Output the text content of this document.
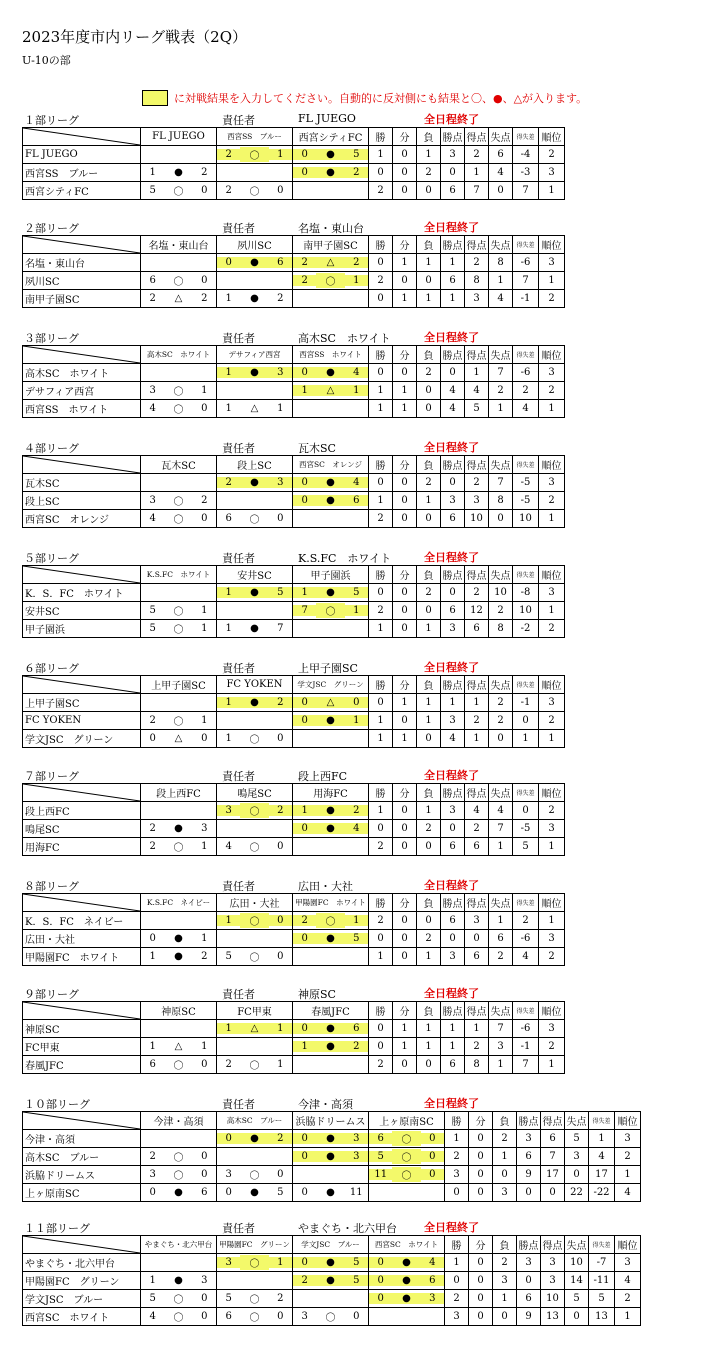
2023年度市内リーグ戦表（2Q）
U-10の部
に対戦結果を入力してください。自動的に反対側にも結果と〇、●、△が入ります。
１部リーグ	責任者	FL JUEGO	全日程終了
	FL JUEGO	西宮SS　ブルー	西宮シティFC	勝	分	負	勝点	得点	失点	得失差	順位
FL JUEGO		2 〇 1	0 ● 5	1	0	1	3	2	6	-4	2
西宮SS　ブルー	1 ● 2		0 ● 2	0	0	2	0	1	4	-3	3
西宮シティFC	5 〇 0	2 〇 0		2	0	0	6	7	0	7	1
２部リーグ	責任者	名塩・東山台	全日程終了
	名塩・東山台	夙川SC	南甲子園SC	勝	分	負	勝点	得点	失点	得失差	順位
名塩・東山台		0 ● 6	2 △ 2	0	1	1	1	2	8	-6	3
夙川SC	6 〇 0		2 〇 1	2	0	0	6	8	1	7	1
南甲子園SC	2 △ 2	1 ● 2		0	1	1	1	3	4	-1	2
３部リーグ	責任者	高木SC　ホワイト	全日程終了
	高木SC　ホワイト	デサフィア西宮	西宮SS　ホワイト	勝	分	負	勝点	得点	失点	得失差	順位
高木SC　ホワイト		1 ● 3	0 ● 4	0	0	2	0	1	7	-6	3
デサフィア西宮	3 〇 1		1 △ 1	1	1	0	4	4	2	2	2
西宮SS　ホワイト	4 〇 0	1 △ 1		1	1	0	4	5	1	4	1
４部リーグ	責任者	瓦木SC	全日程終了
	瓦木SC	段上SC	西宮SC　オレンジ	勝	分	負	勝点	得点	失点	得失差	順位
瓦木SC		2 ● 3	0 ● 4	0	0	2	0	2	7	-5	3
段上SC	3 〇 2		0 ● 6	1	0	1	3	3	8	-5	2
西宮SC　オレンジ	4 〇 0	6 〇 0		2	0	0	6	10	0	10	1
５部リーグ	責任者	K.S.FC　ホワイト	全日程終了
	K.S.FC　ホワイト	安井SC	甲子園浜	勝	分	負	勝点	得点	失点	得失差	順位
K．S．FC　ホワイト		1 ● 5	1 ● 5	0	0	2	0	2	10	-8	3
安井SC	5 〇 1		7 〇 1	2	0	0	6	12	2	10	1
甲子園浜	5 〇 1	1 ● 7		1	0	1	3	6	8	-2	2
６部リーグ	責任者	上甲子園SC	全日程終了
	上甲子園SC	FC YOKEN	学文JSC　グリーン	勝	分	負	勝点	得点	失点	得失差	順位
上甲子園SC		1 ● 2	0 △ 0	0	1	1	1	1	2	-1	3
FC YOKEN	2 〇 1		0 ● 1	1	0	1	3	2	2	0	2
学文JSC　グリーン	0 △ 0	1 〇 0		1	1	0	4	1	0	1	1
７部リーグ	責任者	段上西FC	全日程終了
	段上西FC	鳴尾SC	用海FC	勝	分	負	勝点	得点	失点	得失差	順位
段上西FC		3 〇 2	1 ● 2	1	0	1	3	4	4	0	2
鳴尾SC	2 ● 3		0 ● 4	0	0	2	0	2	7	-5	3
用海FC	2 〇 1	4 〇 0		2	0	0	6	6	1	5	1
８部リーグ	責任者	広田・大社	全日程終了
	K.S.FC　ネイビー	広田・大社	甲陽園FC　ホワイト	勝	分	負	勝点	得点	失点	得失差	順位
K．S．FC　ネイビー		1 〇 0	2 〇 1	2	0	0	6	3	1	2	1
広田・大社	0 ● 1		0 ● 5	0	0	2	0	0	6	-6	3
甲陽園FC　ホワイト	1 ● 2	5 〇 0		1	0	1	3	6	2	4	2
９部リーグ	責任者	神原SC	全日程終了
	神原SC	FC甲東	春風JFC	勝	分	負	勝点	得点	失点	得失差	順位
神原SC		1 △ 1	0 ● 6	0	1	1	1	1	7	-6	3
FC甲東	1 △ 1		1 ● 2	0	1	1	1	2	3	-1	2
春風JFC	6 〇 0	2 〇 1		2	0	0	6	8	1	7	1
１０部リーグ	責任者	今津・高須	全日程終了
	今津・高須	高木SC　ブルー	浜脇ドリームス	上ヶ原南SC	勝	分	負	勝点	得点	失点	得失差	順位
今津・高須		0 ● 2	0 ● 3	6 〇 0	1	0	2	3	6	5	1	3
高木SC　ブルー	2 〇 0		0 ● 3	5 〇 0	2	0	1	6	7	3	4	2
浜脇ドリームス	3 〇 0	3 〇 0		11 〇 0	3	0	0	9	17	0	17	1
上ヶ原南SC	0 ● 6	0 ● 5	0 ● 11		0	0	3	0	0	22	-22	4
１１部リーグ	責任者	やまぐち・北六甲台 全日程終了
	やまぐち・北六甲台	甲陽園FC　グリーン	学文JSC　ブルー	西宮SC　ホワイト	勝	分	負	勝点	得点	失点	得失差	順位
やまぐち・北六甲台		3 〇 1	0 ● 5	0 ● 4	1	0	2	3	3	10	-7	3
甲陽園FC　グリーン	1 ● 3		2 ● 5	0 ● 6	0	0	3	0	3	14	-11	4
学文JSC　ブルー	5 〇 0	5 〇 2		0 ● 3	2	0	1	6	10	5	5	2
西宮SC　ホワイト	4 〇 0	6 〇 0	3 〇 0		3	0	0	9	13	0	13	1
